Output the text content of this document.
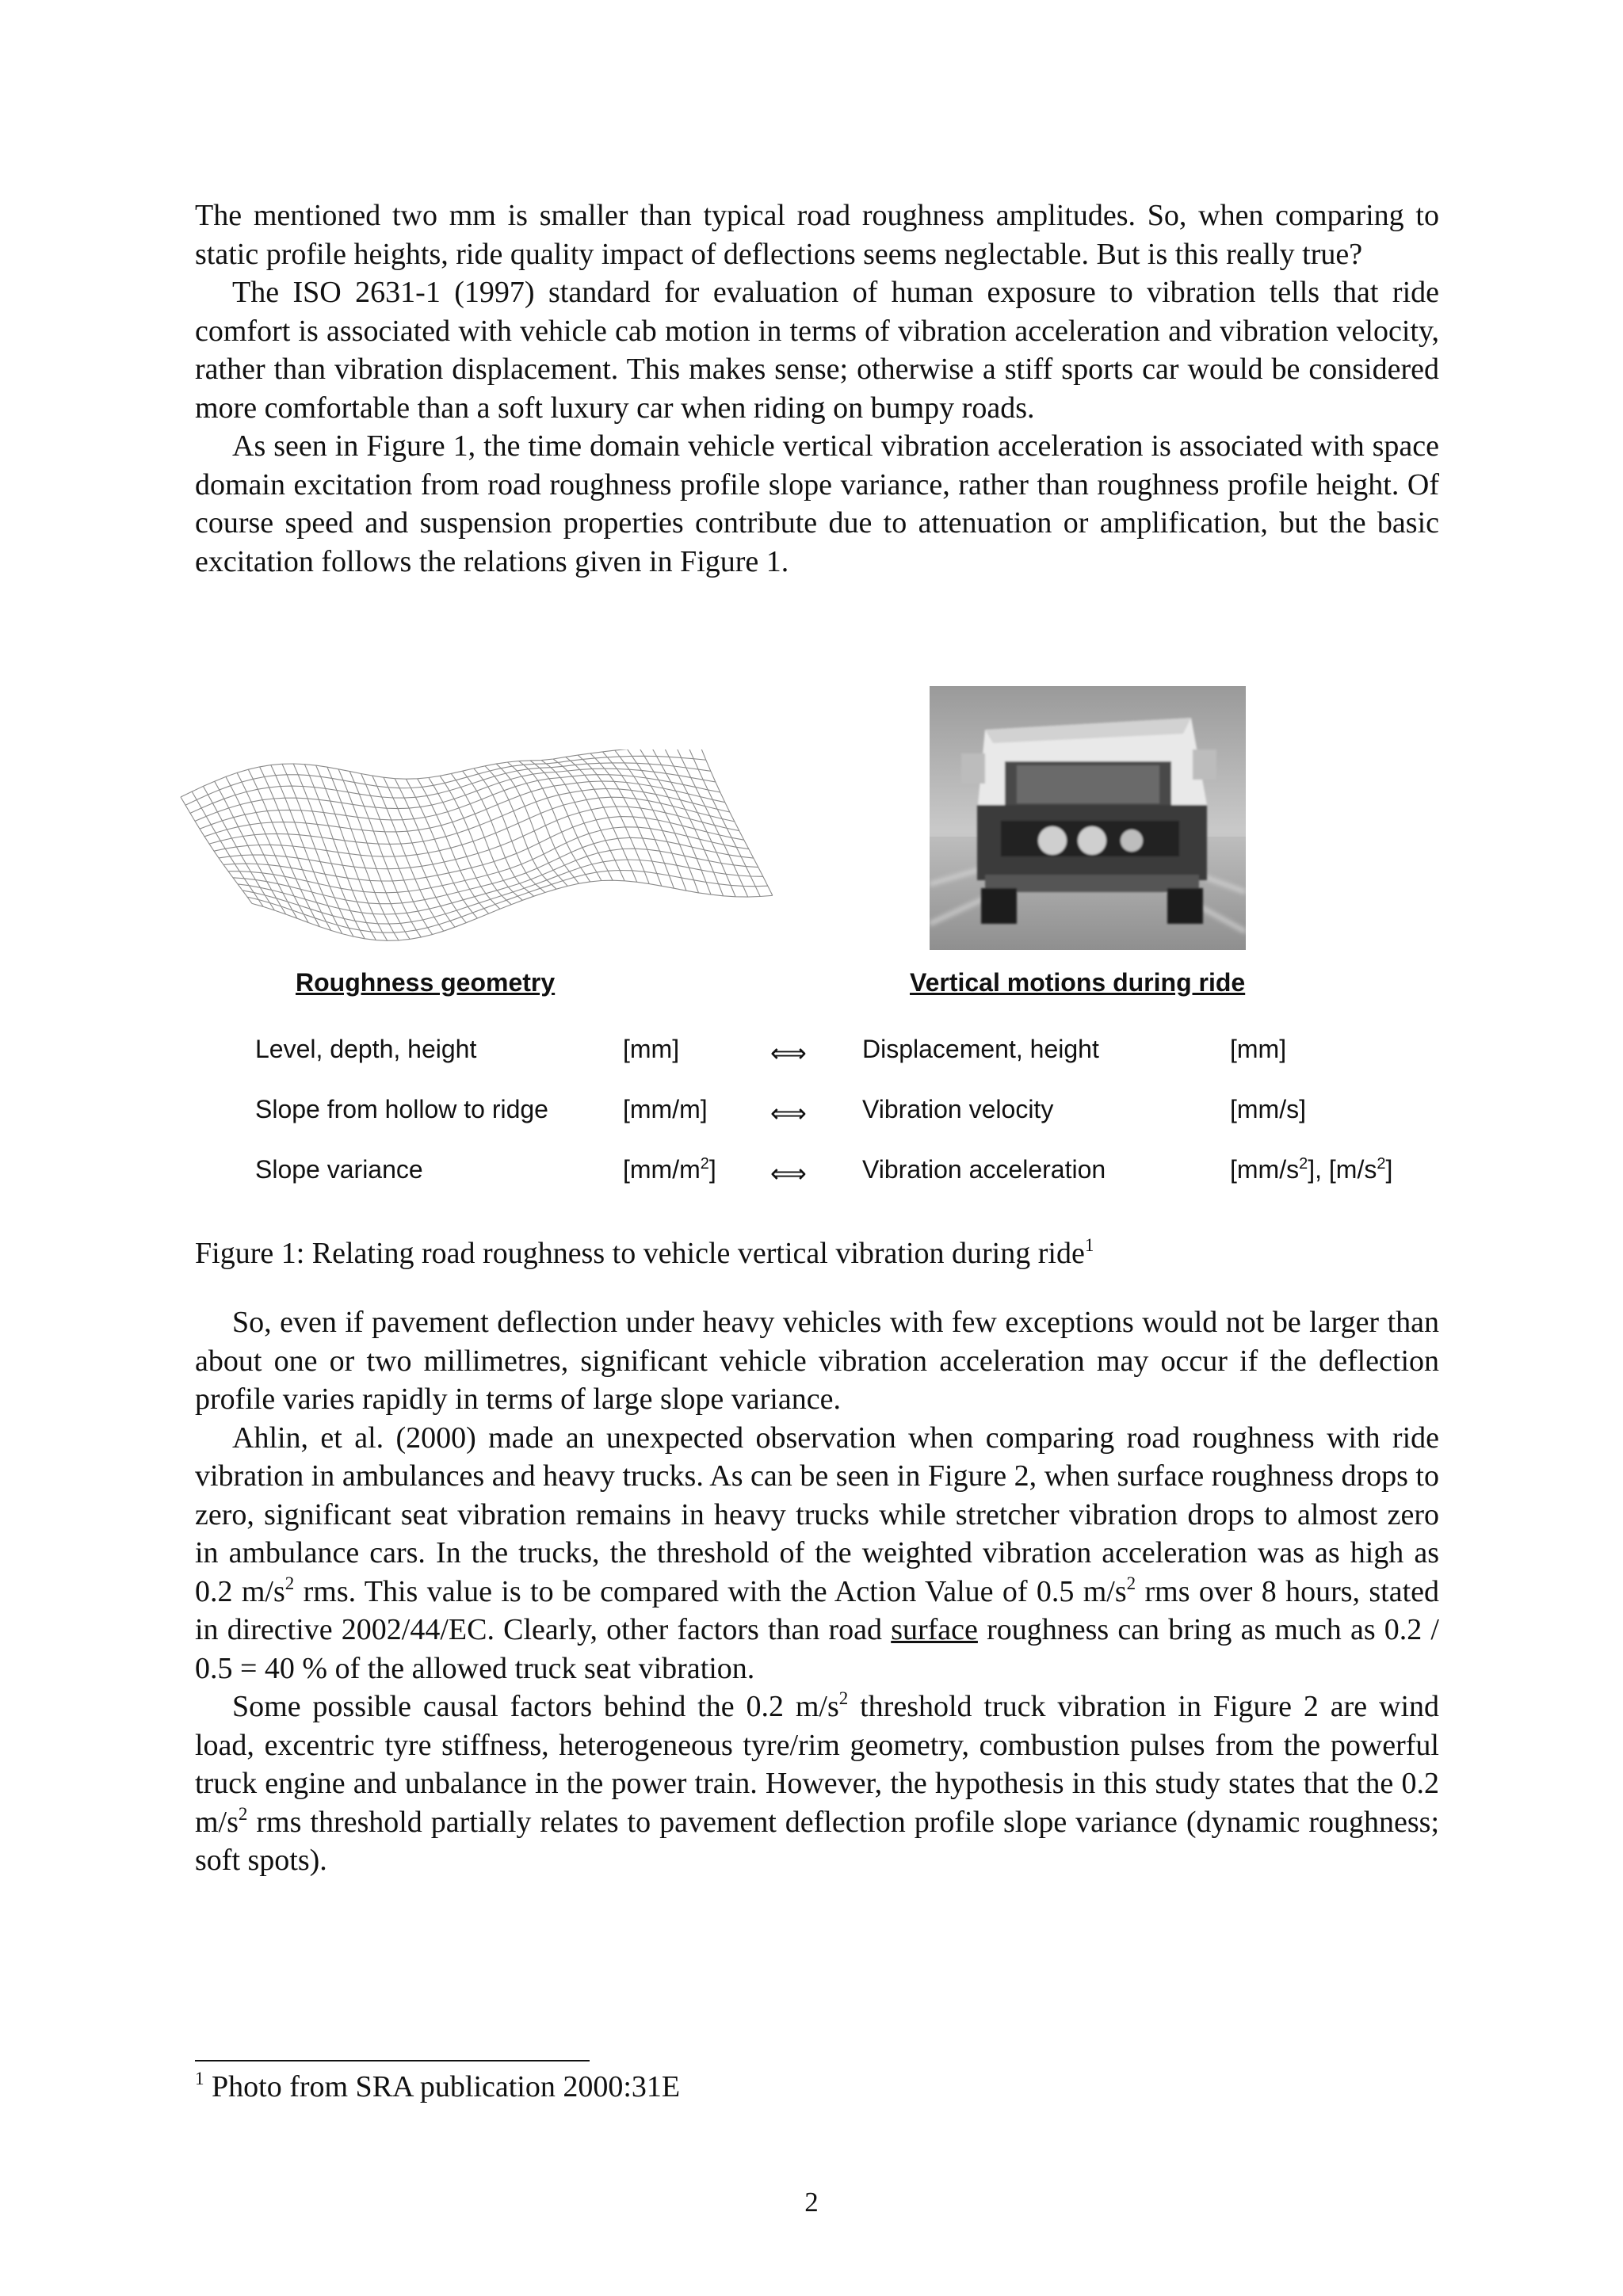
The mentioned two mm is smaller than typical road roughness amplitudes. So, when comparing to static profile heights, ride quality impact of deflections seems neglectable. But is this really true?

The ISO 2631-1 (1997) standard for evaluation of human exposure to vibration tells that ride comfort is associated with vehicle cab motion in terms of vibration acceleration and vibration velocity, rather than vibration displacement. This makes sense; otherwise a stiff sports car would be considered more comfortable than a soft luxury car when riding on bumpy roads.

As seen in Figure 1, the time domain vehicle vertical vibration acceleration is associated with space domain excitation from road roughness profile slope variance, rather than roughness profile height. Of course speed and suspension properties contribute due to attenuation or amplification, but the basic excitation follows the relations given in Figure 1.

Roughness geometry	Vertical motions during ride
Level, depth, height	[mm]	⟺ Displacement, height	[mm]
Slope from hollow to ridge	[mm/m] ⟺ Vibration velocity	[mm/s]
Slope variance	$[mm/m^2]$ ⟺ Vibration acceleration	$[mm/s^2]$, $[m/s^2]$
Figure 1: Relating road roughness to vehicle vertical vibration during ride$^1$

So, even if pavement deflection under heavy vehicles with few exceptions would not be larger than about one or two millimetres, significant vehicle vibration acceleration may occur if the deflection profile varies rapidly in terms of large slope variance.

Ahlin, et al. (2000) made an unexpected observation when comparing road roughness with ride vibration in ambulances and heavy trucks. As can be seen in Figure 2, when surface roughness drops to zero, significant seat vibration remains in heavy trucks while stretcher vibration drops to almost zero in ambulance cars. In the trucks, the threshold of the weighted vibration acceleration was as high as 0.2 $m/s^2$ rms. This value is to be compared with the Action Value of 0.5 $m/s^2$ rms over 8 hours, stated in directive 2002/44/EC. Clearly, other factors than road surface roughness can bring as much as 0.2 / 0.5 = 40 % of the allowed truck seat vibration.

Some possible causal factors behind the 0.2 $m/s^2$ threshold truck vibration in Figure 2 are wind load, excentric tyre stiffness, heterogeneous tyre/rim geometry, combustion pulses from the powerful truck engine and unbalance in the power train. However, the hypothesis in this study states that the 0.2 $m/s^2$ rms threshold partially relates to pavement deflection profile slope variance (dynamic roughness; soft spots).

$^1$ Photo from SRA publication 2000:31E
2
